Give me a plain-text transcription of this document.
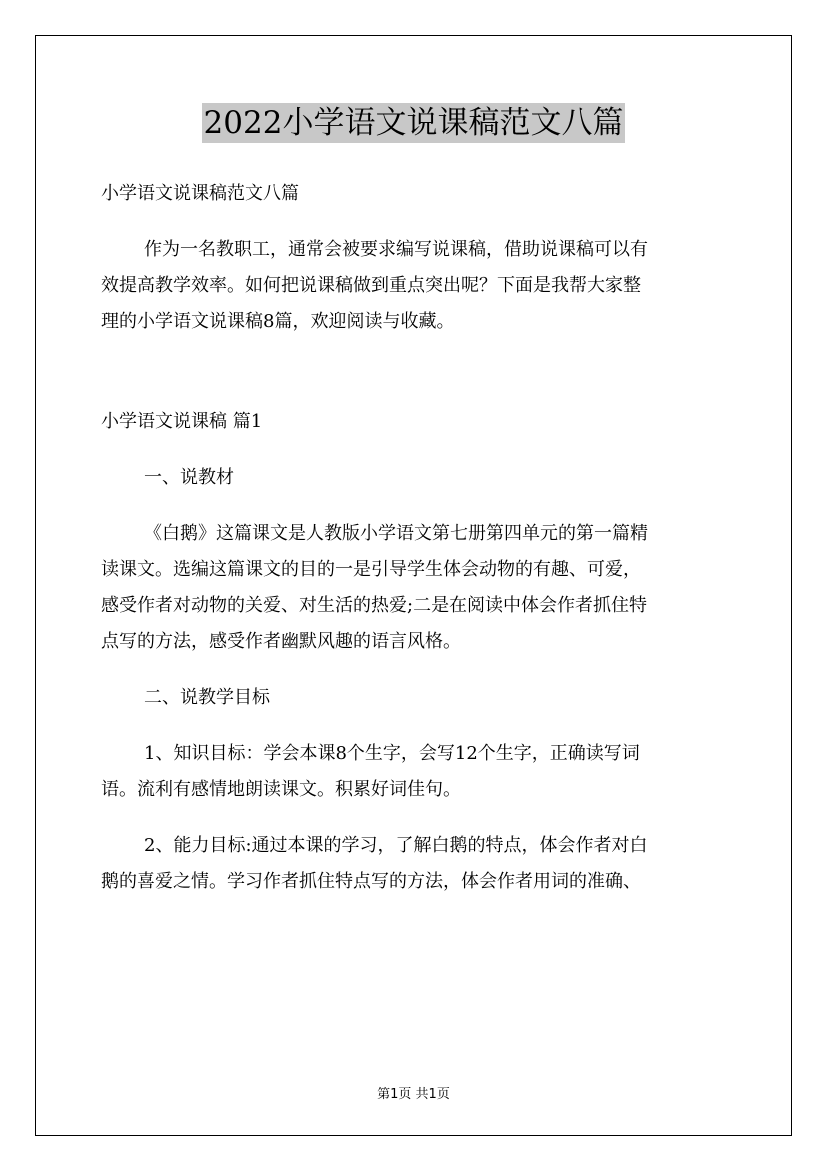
2022小学语文说课稿范文八篇
小学语文说课稿范文八篇
作为一名教职工，通常会被要求编写说课稿，借助说课稿可以有
效提高教学效率。如何把说课稿做到重点突出呢？下面是我帮大家整
理的小学语文说课稿8篇，欢迎阅读与收藏。
小学语文说课稿 篇1
一、说教材
《白鹅》这篇课文是人教版小学语文第七册第四单元的第一篇精
读课文。选编这篇课文的目的一是引导学生体会动物的有趣、可爱，
感受作者对动物的关爱、对生活的热爱;二是在阅读中体会作者抓住特
点写的方法，感受作者幽默风趣的语言风格。
二、说教学目标
1、知识目标：学会本课8个生字，会写12个生字，正确读写词
语。流利有感情地朗读课文。积累好词佳句。
2、能力目标:通过本课的学习，了解白鹅的特点，体会作者对白
鹅的喜爱之情。学习作者抓住特点写的方法，体会作者用词的准确、
第1页 共1页
